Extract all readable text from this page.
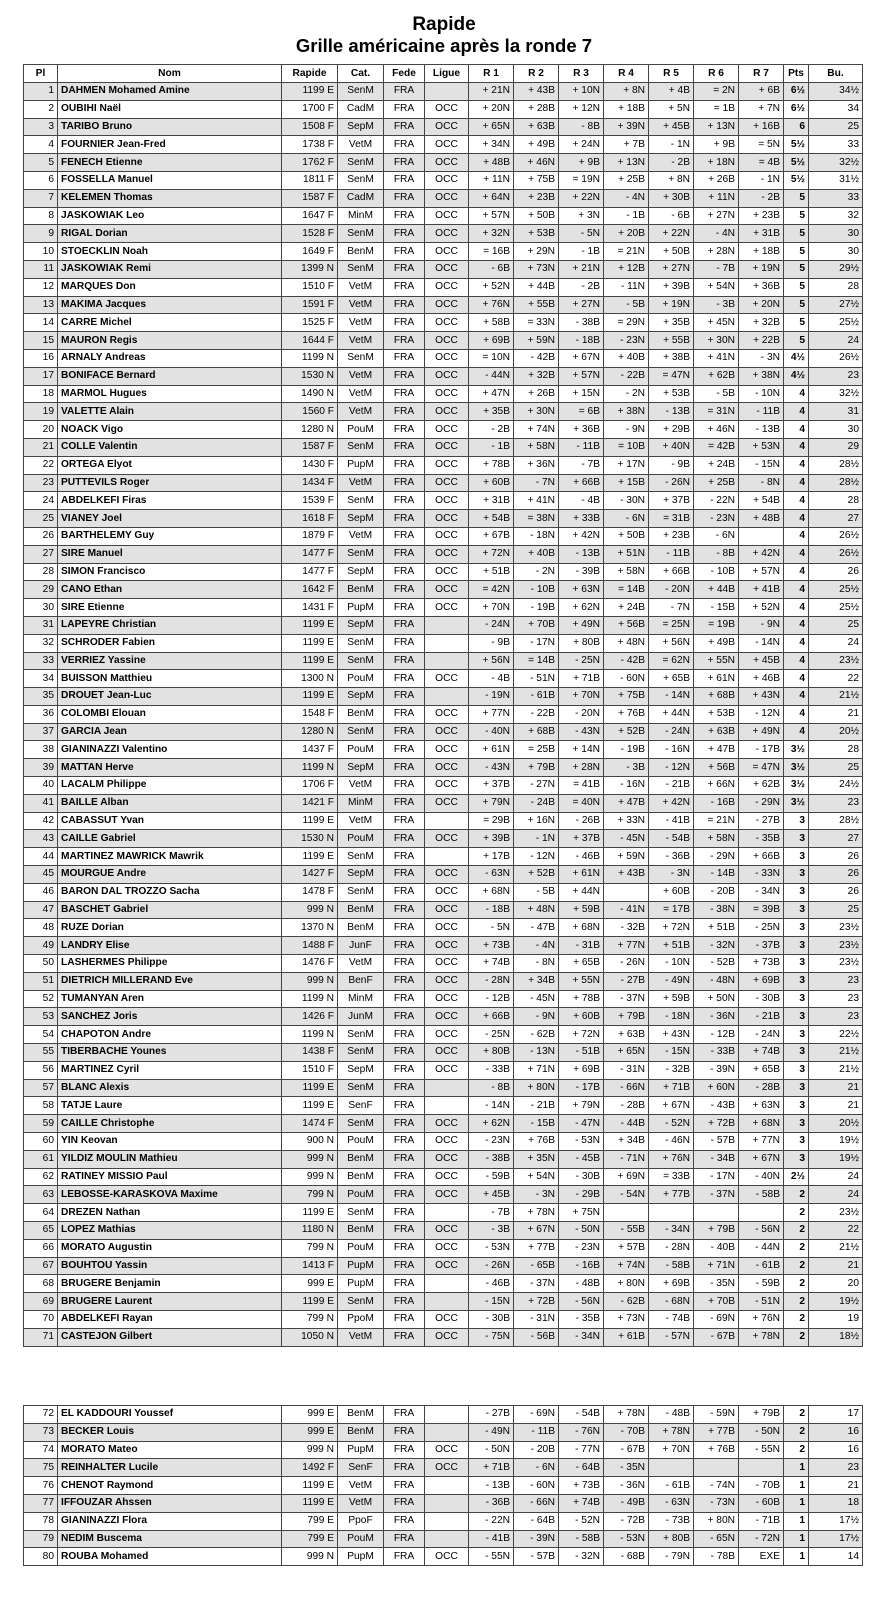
Rapide
Grille américaine après la ronde 7
Pl	Nom	Rapide	Cat.	Fede	Ligue	R 1	R 2	R 3	R 4	R 5	R 6	R 7	Pts	Bu.
1	DAHMEN Mohamed Amine	1199 E	SenM	FRA		+ 21N	+ 43B	+ 10N	+ 8N	+ 4B	= 2N	+ 6B	6½	34½
2	OUBIHI Naël	1700 F	CadM	FRA	OCC	+ 20N	+ 28B	+ 12N	+ 18B	+ 5N	= 1B	+ 7N	6½	34
3	TARIBO Bruno	1508 F	SepM	FRA	OCC	+ 65N	+ 63B	- 8B	+ 39N	+ 45B	+ 13N	+ 16B	6	25
4	FOURNIER Jean-Fred	1738 F	VetM	FRA	OCC	+ 34N	+ 49B	+ 24N	+ 7B	- 1N	+ 9B	= 5N	5½	33
5	FENECH Etienne	1762 F	SenM	FRA	OCC	+ 48B	+ 46N	+ 9B	+ 13N	- 2B	+ 18N	= 4B	5½	32½
6	FOSSELLA Manuel	1811 F	SenM	FRA	OCC	+ 11N	+ 75B	= 19N	+ 25B	+ 8N	+ 26B	- 1N	5½	31½
7	KELEMEN Thomas	1587 F	CadM	FRA	OCC	+ 64N	+ 23B	+ 22N	- 4N	+ 30B	+ 11N	- 2B	5	33
8	JASKOWIAK Leo	1647 F	MinM	FRA	OCC	+ 57N	+ 50B	+ 3N	- 1B	- 6B	+ 27N	+ 23B	5	32
9	RIGAL Dorian	1528 F	SenM	FRA	OCC	+ 32N	+ 53B	- 5N	+ 20B	+ 22N	- 4N	+ 31B	5	30
10	STOECKLIN Noah	1649 F	BenM	FRA	OCC	= 16B	+ 29N	- 1B	= 21N	+ 50B	+ 28N	+ 18B	5	30
11	JASKOWIAK Remi	1399 N	SenM	FRA	OCC	- 6B	+ 73N	+ 21N	+ 12B	+ 27N	- 7B	+ 19N	5	29½
12	MARQUES Don	1510 F	VetM	FRA	OCC	+ 52N	+ 44B	- 2B	- 11N	+ 39B	+ 54N	+ 36B	5	28
13	MAKIMA Jacques	1591 F	VetM	FRA	OCC	+ 76N	+ 55B	+ 27N	- 5B	+ 19N	- 3B	+ 20N	5	27½
14	CARRE Michel	1525 F	VetM	FRA	OCC	+ 58B	= 33N	- 38B	= 29N	+ 35B	+ 45N	+ 32B	5	25½
15	MAURON Regis	1644 F	VetM	FRA	OCC	+ 69B	+ 59N	- 18B	- 23N	+ 55B	+ 30N	+ 22B	5	24
16	ARNALY Andreas	1199 N	SenM	FRA	OCC	= 10N	- 42B	+ 67N	+ 40B	+ 38B	+ 41N	- 3N	4½	26½
17	BONIFACE Bernard	1530 N	VetM	FRA	OCC	- 44N	+ 32B	+ 57N	- 22B	= 47N	+ 62B	+ 38N	4½	23
18	MARMOL Hugues	1490 N	VetM	FRA	OCC	+ 47N	+ 26B	+ 15N	- 2N	+ 53B	- 5B	- 10N	4	32½
19	VALETTE Alain	1560 F	VetM	FRA	OCC	+ 35B	+ 30N	= 6B	+ 38N	- 13B	= 31N	- 11B	4	31
20	NOACK Vigo	1280 N	PouM	FRA	OCC	- 2B	+ 74N	+ 36B	- 9N	+ 29B	+ 46N	- 13B	4	30
21	COLLE Valentin	1587 F	SenM	FRA	OCC	- 1B	+ 58N	- 11B	= 10B	+ 40N	= 42B	+ 53N	4	29
22	ORTEGA Elyot	1430 F	PupM	FRA	OCC	+ 78B	+ 36N	- 7B	+ 17N	- 9B	+ 24B	- 15N	4	28½
23	PUTTEVILS Roger	1434 F	VetM	FRA	OCC	+ 60B	- 7N	+ 66B	+ 15B	- 26N	+ 25B	- 8N	4	28½
24	ABDELKEFI Firas	1539 F	SenM	FRA	OCC	+ 31B	+ 41N	- 4B	- 30N	+ 37B	- 22N	+ 54B	4	28
25	VIANEY Joel	1618 F	SepM	FRA	OCC	+ 54B	= 38N	+ 33B	- 6N	= 31B	- 23N	+ 48B	4	27
26	BARTHELEMY Guy	1879 F	VetM	FRA	OCC	+ 67B	- 18N	+ 42N	+ 50B	+ 23B	- 6N		4	26½
27	SIRE Manuel	1477 F	SenM	FRA	OCC	+ 72N	+ 40B	- 13B	+ 51N	- 11B	- 8B	+ 42N	4	26½
28	SIMON Francisco	1477 F	SepM	FRA	OCC	+ 51B	- 2N	- 39B	+ 58N	+ 66B	- 10B	+ 57N	4	26
29	CANO Ethan	1642 F	BenM	FRA	OCC	= 42N	- 10B	+ 63N	= 14B	- 20N	+ 44B	+ 41B	4	25½
30	SIRE Etienne	1431 F	PupM	FRA	OCC	+ 70N	- 19B	+ 62N	+ 24B	- 7N	- 15B	+ 52N	4	25½
31	LAPEYRE Christian	1199 E	SepM	FRA		- 24N	+ 70B	+ 49N	+ 56B	= 25N	= 19B	- 9N	4	25
32	SCHRODER Fabien	1199 E	SenM	FRA		- 9B	- 17N	+ 80B	+ 48N	+ 56N	+ 49B	- 14N	4	24
33	VERRIEZ Yassine	1199 E	SenM	FRA		+ 56N	= 14B	- 25N	- 42B	= 62N	+ 55N	+ 45B	4	23½
34	BUISSON Matthieu	1300 N	PouM	FRA	OCC	- 4B	- 51N	+ 71B	- 60N	+ 65B	+ 61N	+ 46B	4	22
35	DROUET Jean-Luc	1199 E	SepM	FRA		- 19N	- 61B	+ 70N	+ 75B	- 14N	+ 68B	+ 43N	4	21½
36	COLOMBI Elouan	1548 F	BenM	FRA	OCC	+ 77N	- 22B	- 20N	+ 76B	+ 44N	+ 53B	- 12N	4	21
37	GARCIA Jean	1280 N	SenM	FRA	OCC	- 40N	+ 68B	- 43N	+ 52B	- 24N	+ 63B	+ 49N	4	20½
38	GIANINAZZI Valentino	1437 F	PouM	FRA	OCC	+ 61N	= 25B	+ 14N	- 19B	- 16N	+ 47B	- 17B	3½	28
39	MATTAN Herve	1199 N	SepM	FRA	OCC	- 43N	+ 79B	+ 28N	- 3B	- 12N	+ 56B	= 47N	3½	25
40	LACALM Philippe	1706 F	VetM	FRA	OCC	+ 37B	- 27N	= 41B	- 16N	- 21B	+ 66N	+ 62B	3½	24½
41	BAILLE Alban	1421 F	MinM	FRA	OCC	+ 79N	- 24B	= 40N	+ 47B	+ 42N	- 16B	- 29N	3½	23
42	CABASSUT Yvan	1199 E	VetM	FRA		= 29B	+ 16N	- 26B	+ 33N	- 41B	= 21N	- 27B	3	28½
43	CAILLE Gabriel	1530 N	PouM	FRA	OCC	+ 39B	- 1N	+ 37B	- 45N	- 54B	+ 58N	- 35B	3	27
44	MARTINEZ MAWRICK Mawrik	1199 E	SenM	FRA		+ 17B	- 12N	- 46B	+ 59N	- 36B	- 29N	+ 66B	3	26
45	MOURGUE Andre	1427 F	SepM	FRA	OCC	- 63N	+ 52B	+ 61N	+ 43B	- 3N	- 14B	- 33N	3	26
46	BARON DAL TROZZO Sacha	1478 F	SenM	FRA	OCC	+ 68N	- 5B	+ 44N		+ 60B	- 20B	- 34N	3	26
47	BASCHET Gabriel	999 N	BenM	FRA	OCC	- 18B	+ 48N	+ 59B	- 41N	= 17B	- 38N	= 39B	3	25
48	RUZE Dorian	1370 N	BenM	FRA	OCC	- 5N	- 47B	+ 68N	- 32B	+ 72N	+ 51B	- 25N	3	23½
49	LANDRY Elise	1488 F	JunF	FRA	OCC	+ 73B	- 4N	- 31B	+ 77N	+ 51B	- 32N	- 37B	3	23½
50	LASHERMES Philippe	1476 F	VetM	FRA	OCC	+ 74B	- 8N	+ 65B	- 26N	- 10N	- 52B	+ 73B	3	23½
51	DIETRICH MILLERAND Eve	999 N	BenF	FRA	OCC	- 28N	+ 34B	+ 55N	- 27B	- 49N	- 48N	+ 69B	3	23
52	TUMANYAN Aren	1199 N	MinM	FRA	OCC	- 12B	- 45N	+ 78B	- 37N	+ 59B	+ 50N	- 30B	3	23
53	SANCHEZ Joris	1426 F	JunM	FRA	OCC	+ 66B	- 9N	+ 60B	+ 79B	- 18N	- 36N	- 21B	3	23
54	CHAPOTON Andre	1199 N	SenM	FRA	OCC	- 25N	- 62B	+ 72N	+ 63B	+ 43N	- 12B	- 24N	3	22½
55	TIBERBACHE Younes	1438 F	SenM	FRA	OCC	+ 80B	- 13N	- 51B	+ 65N	- 15N	- 33B	+ 74B	3	21½
56	MARTINEZ Cyril	1510 F	SepM	FRA	OCC	- 33B	+ 71N	+ 69B	- 31N	- 32B	- 39N	+ 65B	3	21½
57	BLANC Alexis	1199 E	SenM	FRA		- 8B	+ 80N	- 17B	- 66N	+ 71B	+ 60N	- 28B	3	21
58	TATJE Laure	1199 E	SenF	FRA		- 14N	- 21B	+ 79N	- 28B	+ 67N	- 43B	+ 63N	3	21
59	CAILLE Christophe	1474 F	SenM	FRA	OCC	+ 62N	- 15B	- 47N	- 44B	- 52N	+ 72B	+ 68N	3	20½
60	YIN Keovan	900 N	PouM	FRA	OCC	- 23N	+ 76B	- 53N	+ 34B	- 46N	- 57B	+ 77N	3	19½
61	YILDIZ MOULIN Mathieu	999 N	BenM	FRA	OCC	- 38B	+ 35N	- 45B	- 71N	+ 76N	- 34B	+ 67N	3	19½
62	RATINEY MISSIO Paul	999 N	BenM	FRA	OCC	- 59B	+ 54N	- 30B	+ 69N	= 33B	- 17N	- 40N	2½	24
63	LEBOSSE-KARASKOVA Maxime	799 N	PouM	FRA	OCC	+ 45B	- 3N	- 29B	- 54N	+ 77B	- 37N	- 58B	2	24
64	DREZEN Nathan	1199 E	SenM	FRA		- 7B	+ 78N	+ 75N					2	23½
65	LOPEZ Mathias	1180 N	BenM	FRA	OCC	- 3B	+ 67N	- 50N	- 55B	- 34N	+ 79B	- 56N	2	22
66	MORATO Augustin	799 N	PouM	FRA	OCC	- 53N	+ 77B	- 23N	+ 57B	- 28N	- 40B	- 44N	2	21½
67	BOUHTOU Yassin	1413 F	PupM	FRA	OCC	- 26N	- 65B	- 16B	+ 74N	- 58B	+ 71N	- 61B	2	21
68	BRUGERE Benjamin	999 E	PupM	FRA		- 46B	- 37N	- 48B	+ 80N	+ 69B	- 35N	- 59B	2	20
69	BRUGERE Laurent	1199 E	SenM	FRA		- 15N	+ 72B	- 56N	- 62B	- 68N	+ 70B	- 51N	2	19½
70	ABDELKEFI Rayan	799 N	PpoM	FRA	OCC	- 30B	- 31N	- 35B	+ 73N	- 74B	- 69N	+ 76N	2	19
71	CASTEJON Gilbert	1050 N	VetM	FRA	OCC	- 75N	- 56B	- 34N	+ 61B	- 57N	- 67B	+ 78N	2	18½
72	EL KADDOURI Youssef	999 E	BenM	FRA		- 27B	- 69N	- 54B	+ 78N	- 48B	- 59N	+ 79B	2	17
73	BECKER Louis	999 E	BenM	FRA		- 49N	- 11B	- 76N	- 70B	+ 78N	+ 77B	- 50N	2	16
74	MORATO Mateo	999 N	PupM	FRA	OCC	- 50N	- 20B	- 77N	- 67B	+ 70N	+ 76B	- 55N	2	16
75	REINHALTER Lucile	1492 F	SenF	FRA	OCC	+ 71B	- 6N	- 64B	- 35N				1	23
76	CHENOT Raymond	1199 E	VetM	FRA		- 13B	- 60N	+ 73B	- 36N	- 61B	- 74N	- 70B	1	21
77	IFFOUZAR Ahssen	1199 E	VetM	FRA		- 36B	- 66N	+ 74B	- 49B	- 63N	- 73N	- 60B	1	18
78	GIANINAZZI Flora	799 E	PpoF	FRA		- 22N	- 64B	- 52N	- 72B	- 73B	+ 80N	- 71B	1	17½
79	NEDIM Buscema	799 E	PouM	FRA		- 41B	- 39N	- 58B	- 53N	+ 80B	- 65N	- 72N	1	17½
80	ROUBA Mohamed	999 N	PupM	FRA	OCC	- 55N	- 57B	- 32N	- 68B	- 79N	- 78B	EXE	1	14
